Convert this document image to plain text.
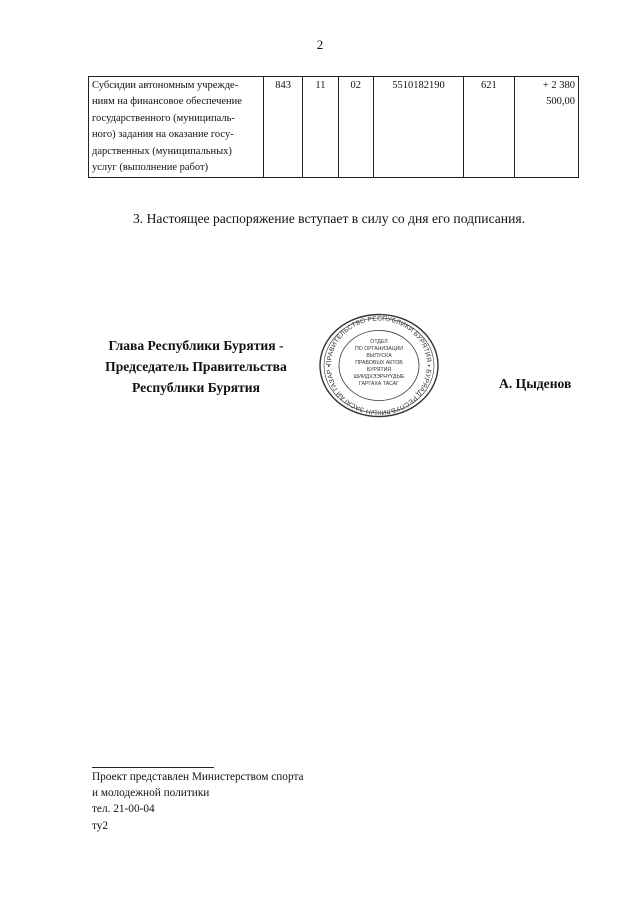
2
Субсидии автономным учрежде-
ниям на финансовое обеспечение
государственного (муниципаль-
ного) задания на оказание госу-
дарственных (муниципальных)
услуг (выполнение работ)
	843	11	02	5510182190	621	+ 2 380 500,00
3. Настоящее распоряжение вступает в силу со дня его подписания.
Глава Республики Бурятия -
Председатель Правительства
Республики Бурятия
ПРАВИТЕЛЬСТВО РЕСПУБЛИКИ БУРЯТИЯ • БУРЯАД РЕСПУБЛИКЫН ЗАСАГАЙ ГАЗАР •
ОТДЕЛ
ПО ОРГАНИЗАЦИИ
ВЫПУСКА
ПРАВОВЫХ АКТОВ
БУРЯТИЯ
ШИИДХЭЭРНҮҮДЫЕ
ГАРГАХА ТАСАГ	А. Цыденов
Проект представлен Министерством спорта
и молодежной политики
тел. 21-00-04
ту2
